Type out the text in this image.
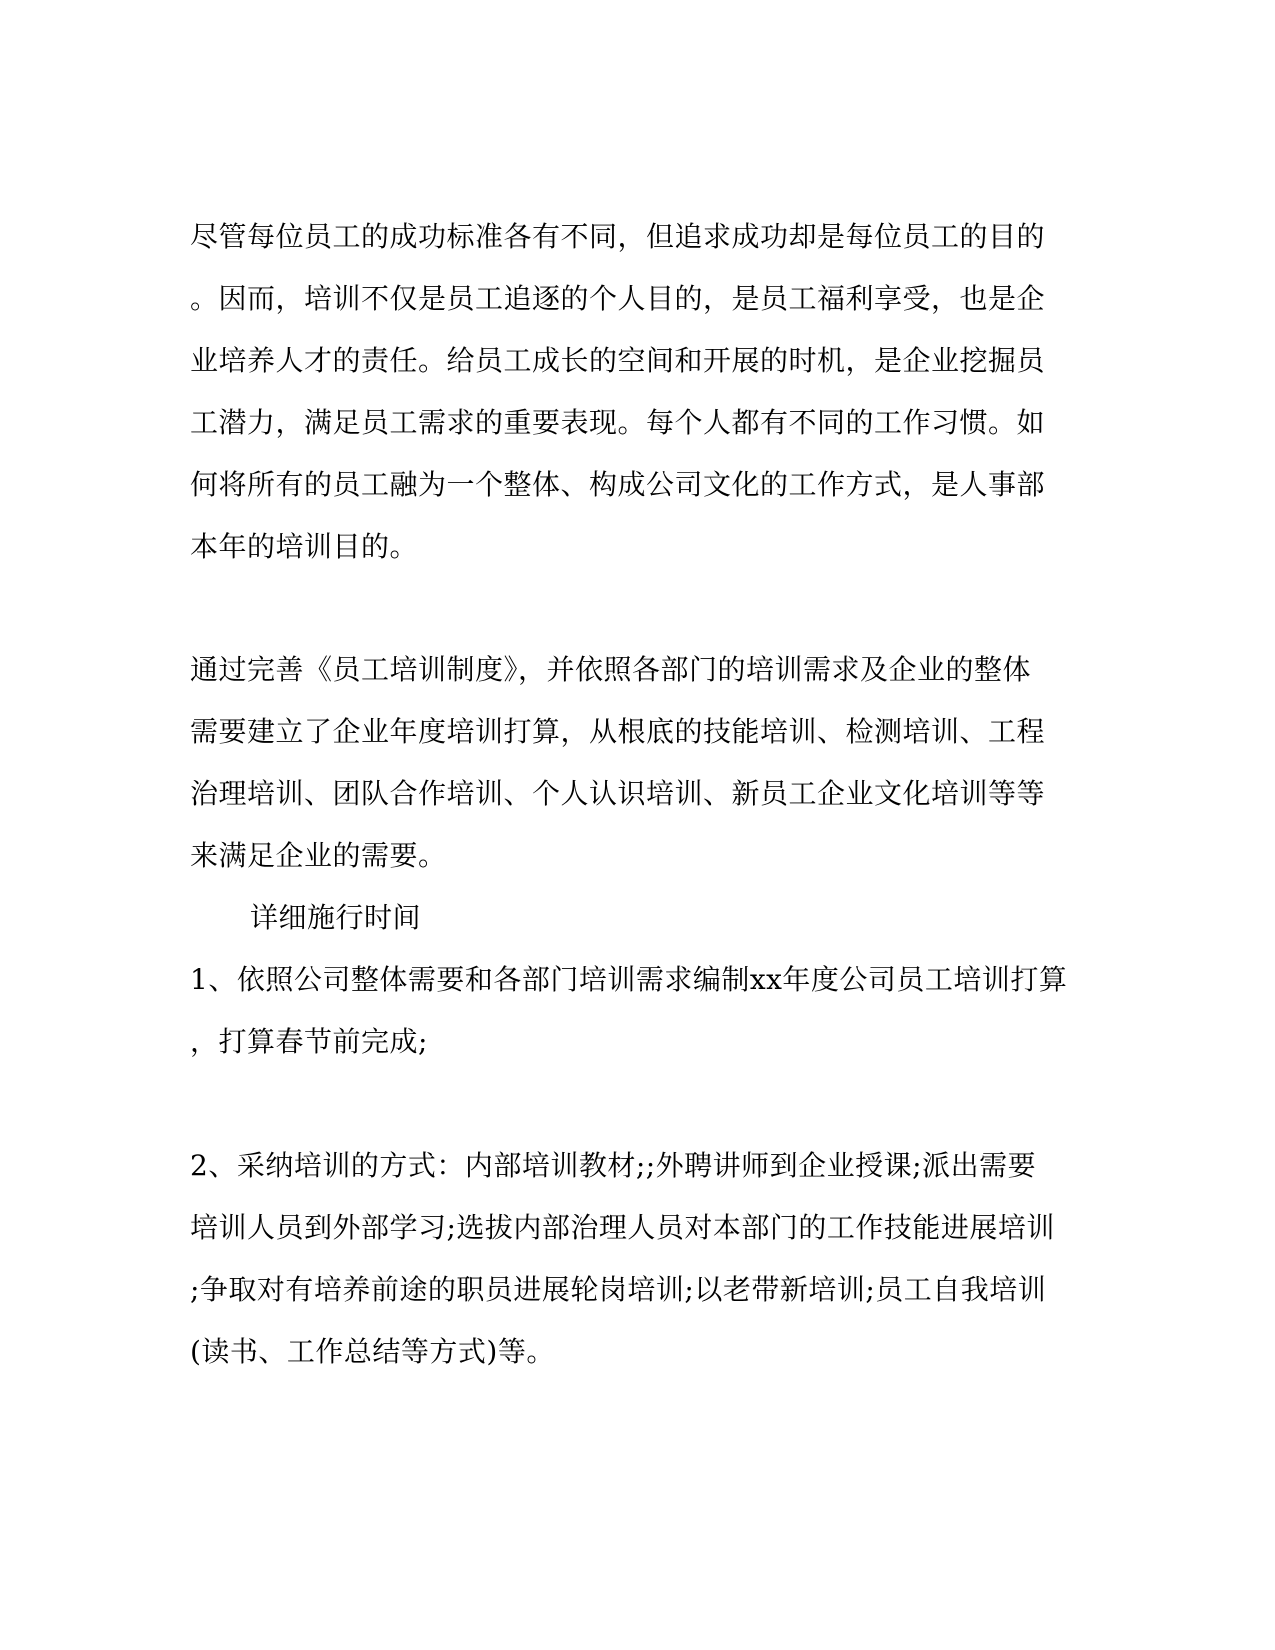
尽管每位员工的成功标准各有不同，但追求成功却是每位员工的目的
。因而，培训不仅是员工追逐的个人目的，是员工福利享受，也是企
业培养人才的责任。给员工成长的空间和开展的时机，是企业挖掘员
工潜力，满足员工需求的重要表现。每个人都有不同的工作习惯。如
何将所有的员工融为一个整体、构成公司文化的工作方式，是人事部
本年的培训目的。
通过完善《员工培训制度》，并依照各部门的培训需求及企业的整体
需要建立了企业年度培训打算，从根底的技能培训、检测培训、工程
治理培训、团队合作培训、个人认识培训、新员工企业文化培训等等
来满足企业的需要。
详细施行时间
1、依照公司整体需要和各部门培训需求编制xx年度公司员工培训打算
，打算春节前完成;
2、采纳培训的方式：内部培训教材;;外聘讲师到企业授课;派出需要
培训人员到外部学习;选拔内部治理人员对本部门的工作技能进展培训
;争取对有培养前途的职员进展轮岗培训;以老带新培训;员工自我培训
(读书、工作总结等方式)等。
